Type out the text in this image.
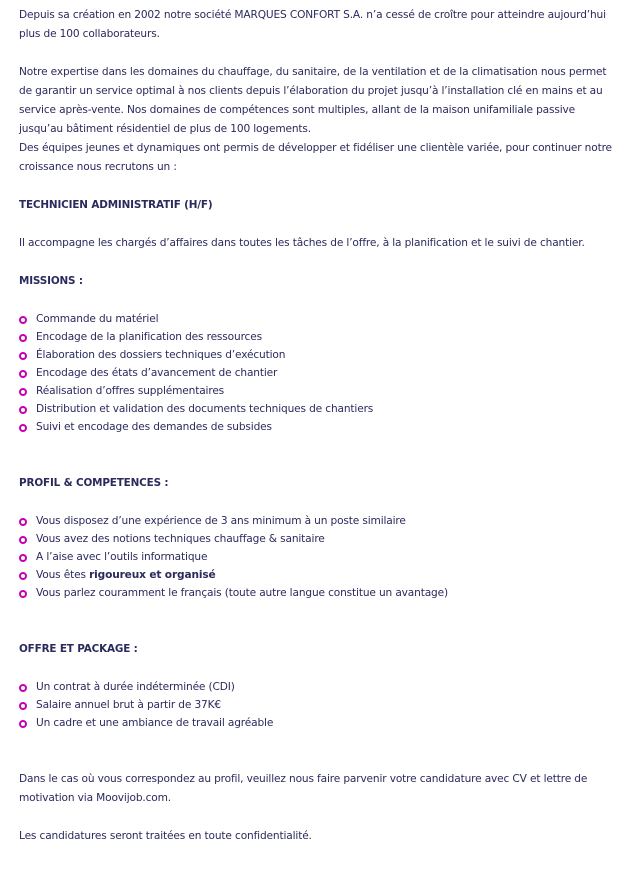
Depuis sa création en 2002 notre société MARQUES CONFORT S.A. n’a cessé de croître pour atteindre aujourd’hui plus de 100 collaborateurs.

Notre expertise dans les domaines du chauffage, du sanitaire, de la ventilation et de la climatisation nous permet de garantir un service optimal à nos clients depuis l’élaboration du projet jusqu’à l’installation clé en mains et au service après-vente. Nos domaines de compétences sont multiples, allant de la maison unifamiliale passive jusqu’au bâtiment résidentiel de plus de 100 logements.

Des équipes jeunes et dynamiques ont permis de développer et fidéliser une clientèle variée, pour continuer notre croissance nous recrutons un :

TECHNICIEN ADMINISTRATIF (H/F)

Il accompagne les chargés d’affaires dans toutes les tâches de l’offre, à la planification et le suivi de chantier.

MISSIONS :

Commande du matériel
Encodage de la planification des ressources
Élaboration des dossiers techniques d’exécution
Encodage des états d’avancement de chantier
Réalisation d’offres supplémentaires
Distribution et validation des documents techniques de chantiers
Suivi et encodage des demandes de subsides

PROFIL & COMPETENCES :

Vous disposez d’une expérience de 3 ans minimum à un poste similaire
Vous avez des notions techniques chauffage & sanitaire
A l’aise avec l’outils informatique
Vous êtes rigoureux et organisé
Vous parlez couramment le français (toute autre langue constitue un avantage)

OFFRE ET PACKAGE :

Un contrat à durée indéterminée (CDI)
Salaire annuel brut à partir de 37K€
Un cadre et une ambiance de travail agréable

Dans le cas où vous correspondez au profil, veuillez nous faire parvenir votre candidature avec CV et lettre de motivation via Moovijob.com.

Les candidatures seront traitées en toute confidentialité.
